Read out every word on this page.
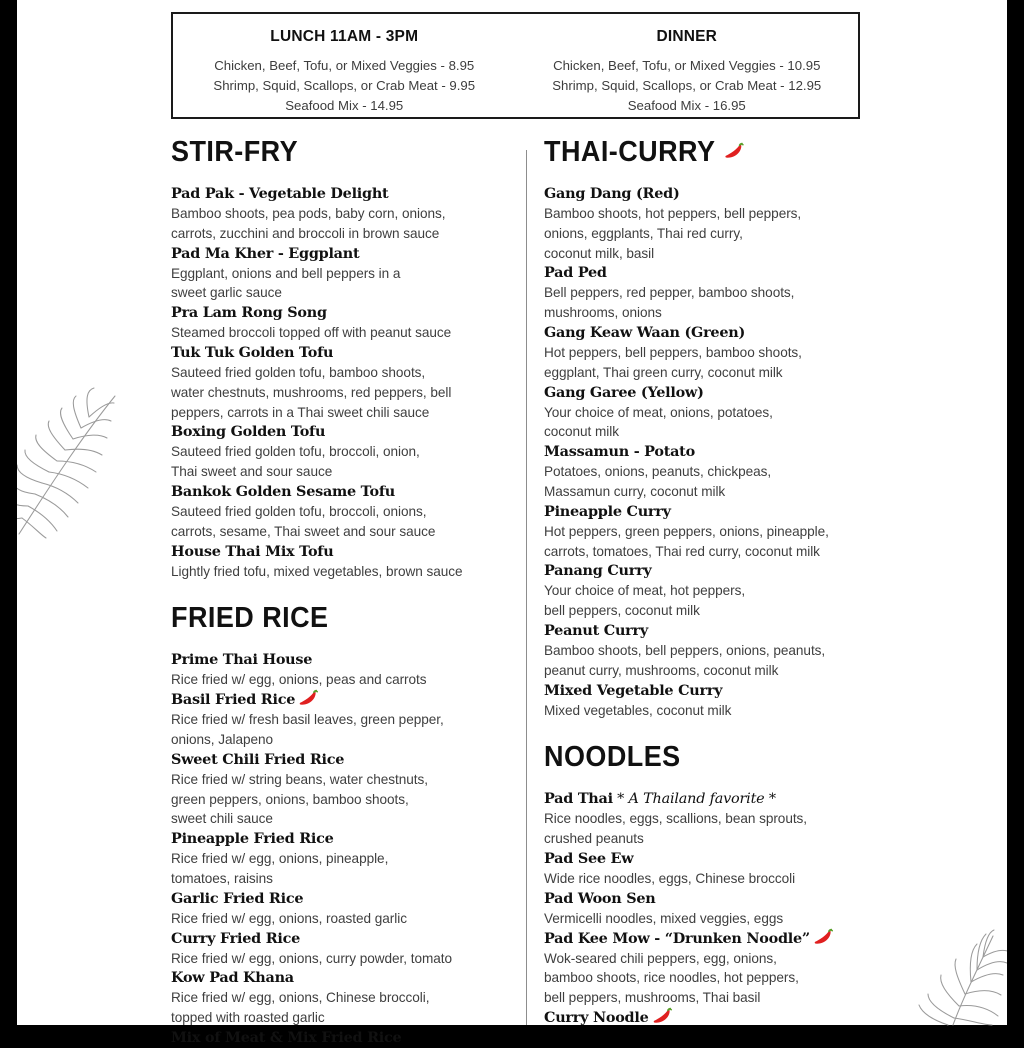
LUNCH 11AM - 3PM
Chicken, Beef, Tofu, or Mixed Veggies - 8.95
Shrimp, Squid, Scallops, or Crab Meat - 9.95
Seafood Mix - 14.95
DINNER
Chicken, Beef, Tofu, or Mixed Veggies - 10.95
Shrimp, Squid, Scallops, or Crab Meat - 12.95
Seafood Mix - 16.95
STIR-FRY
Pad Pak - Vegetable Delight
Bamboo shoots, pea pods, baby corn, onions,
carrots, zucchini and broccoli in brown sauce
Pad Ma Kher - Eggplant
Eggplant, onions and bell peppers in a
sweet garlic sauce
Pra Lam Rong Song
Steamed broccoli topped off with peanut sauce
Tuk Tuk Golden Tofu
Sauteed fried golden tofu, bamboo shoots,
water chestnuts, mushrooms, red peppers, bell
peppers, carrots in a Thai sweet chili sauce
Boxing Golden Tofu
Sauteed fried golden tofu, broccoli, onion,
Thai sweet and sour sauce
Bankok Golden Sesame Tofu
Sauteed fried golden tofu, broccoli, onions,
carrots, sesame, Thai sweet and sour sauce
House Thai Mix Tofu
Lightly fried tofu, mixed vegetables, brown sauce
FRIED RICE
Prime Thai House
Rice fried w/ egg, onions, peas and carrots
Basil Fried Rice
Rice fried w/ fresh basil leaves, green pepper,
onions, Jalapeno
Sweet Chili Fried Rice
Rice fried w/ string beans, water chestnuts,
green peppers, onions, bamboo shoots,
sweet chili sauce
Pineapple Fried Rice
Rice fried w/ egg, onions, pineapple,
tomatoes, raisins
Garlic Fried Rice
Rice fried w/ egg, onions, roasted garlic
Curry Fried Rice
Rice fried w/ egg, onions, curry powder, tomato
Kow Pad Khana
Rice fried w/ egg, onions, Chinese broccoli,
topped with roasted garlic
Mix of Meat & Mix Fried Rice
THAI-CURRY
Gang Dang (Red)
Bamboo shoots, hot peppers, bell peppers,
onions, eggplants, Thai red curry,
coconut milk, basil
Pad Ped
Bell peppers, red pepper, bamboo shoots,
mushrooms, onions
Gang Keaw Waan (Green)
Hot peppers, bell peppers, bamboo shoots,
eggplant, Thai green curry, coconut milk
Gang Garee (Yellow)
Your choice of meat, onions, potatoes,
coconut milk
Massamun - Potato
Potatoes, onions, peanuts, chickpeas,
Massamun curry, coconut milk
Pineapple Curry
Hot peppers, green peppers, onions, pineapple,
carrots, tomatoes, Thai red curry, coconut milk
Panang Curry
Your choice of meat, hot peppers,
bell peppers, coconut milk
Peanut Curry
Bamboo shoots, bell peppers, onions, peanuts,
peanut curry, mushrooms, coconut milk
Mixed Vegetable Curry
Mixed vegetables, coconut milk
NOODLES
Pad Thai * A Thailand favorite *
Rice noodles, eggs, scallions, bean sprouts,
crushed peanuts
Pad See Ew
Wide rice noodles, eggs, Chinese broccoli
Pad Woon Sen
Vermicelli noodles, mixed veggies, eggs
Pad Kee Mow - “Drunken Noodle”
Wok-seared chili peppers, egg, onions,
bamboo shoots, rice noodles, hot peppers,
bell peppers, mushrooms, Thai basil
Curry Noodle
